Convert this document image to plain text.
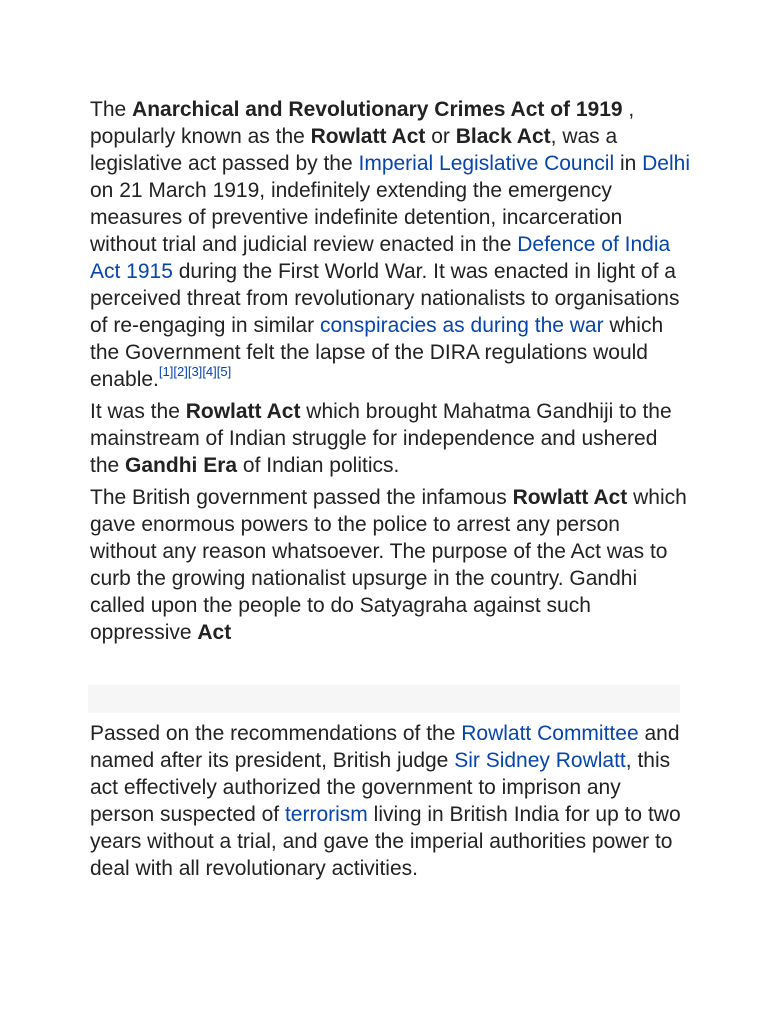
The Anarchical and Revolutionary Crimes Act of 1919 , popularly known as the Rowlatt Act or Black Act, was a legislative act passed by the Imperial Legislative Council in Delhi on 21 March 1919, indefinitely extending the emergency measures of preventive indefinite detention, incarceration without trial and judicial review enacted in the Defence of India Act 1915 during the First World War. It was enacted in light of a perceived threat from revolutionary nationalists to organisations of re-engaging in similar conspiracies as during the war which the Government felt the lapse of the DIRA regulations would enable.[1][2][3][4][5]

It was the Rowlatt Act which brought Mahatma Gandhiji to the mainstream of Indian struggle for independence and ushered the Gandhi Era of Indian politics.

The British government passed the infamous Rowlatt Act which gave enormous powers to the police to arrest any person without any reason whatsoever. The purpose of the Act was to curb the growing nationalist upsurge in the country. Gandhi called upon the people to do Satyagraha against such oppressive Act

Passed on the recommendations of the Rowlatt Committee and named after its president, British judge Sir Sidney Rowlatt, this act effectively authorized the government to imprison any person suspected of terrorism living in British India for up to two years without a trial, and gave the imperial authorities power to deal with all revolutionary activities.
